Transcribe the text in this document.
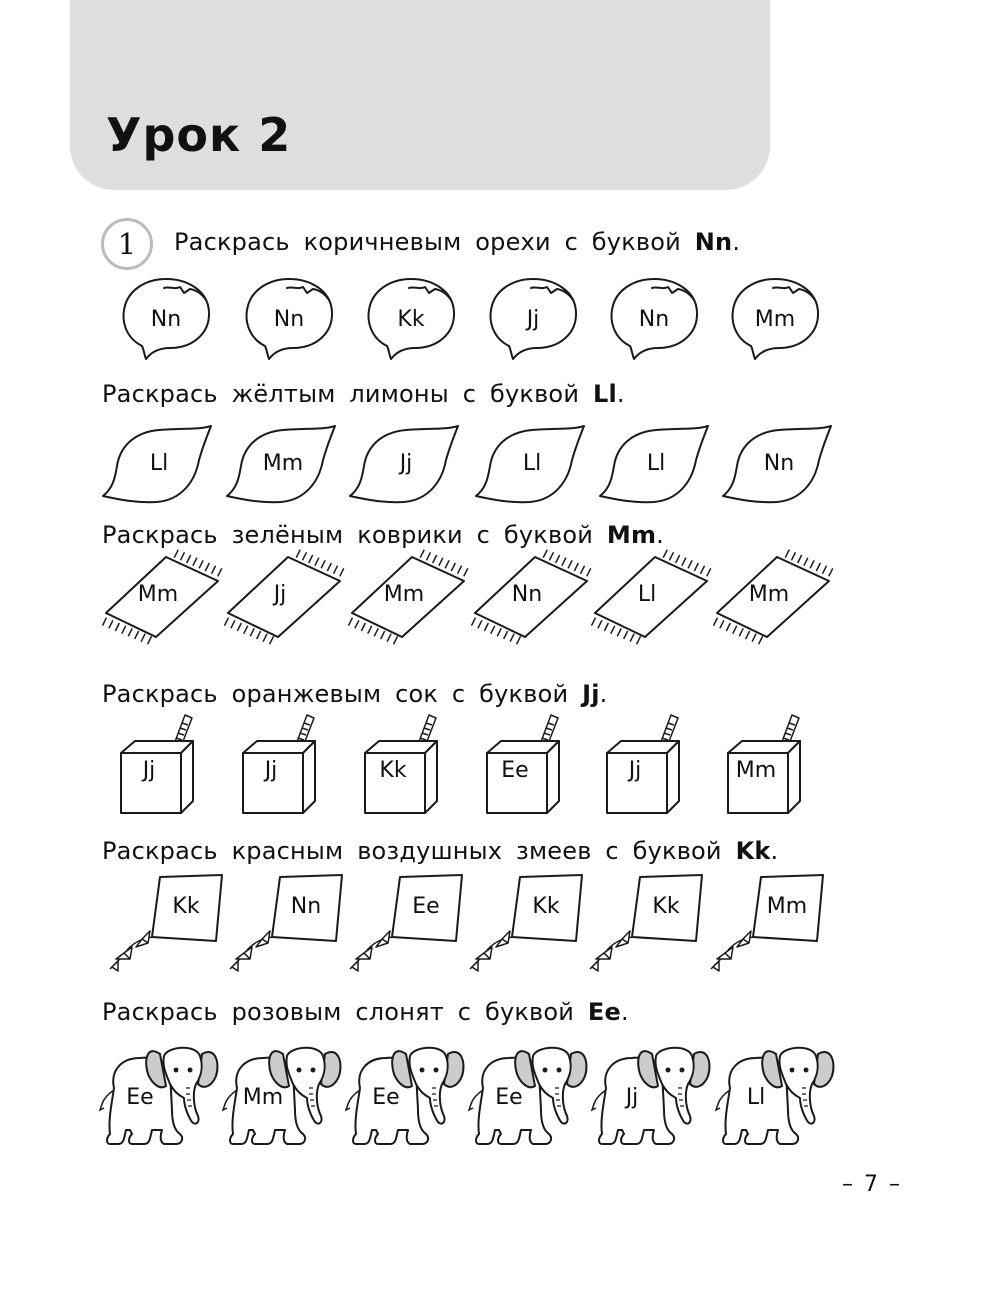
Урок 2
1	Раскрась коричневым орехи с буквой Nn.

Nn	Nn	Kk	Jj	Nn	Mm

Раскрась жёлтым лимоны с буквой Ll.

Ll	Mm	Jj	Ll	Ll	Nn

Раскрась зелёным коврики с буквой Mm.

Mm	Jj	Mm	Nn	Ll	Mm

Раскрась оранжевым сок с буквой Jj.

Jj	Jj	Kk	Ee	Jj	Mm

Раскрась красным воздушных змеев с буквой Kk.

Kk	Nn	Ee	Kk	Kk	Mm

Раскрась розовым слонят с буквой Ee.

Ee	Mm	Ee	Ee	Jj	Ll
– 7 –
